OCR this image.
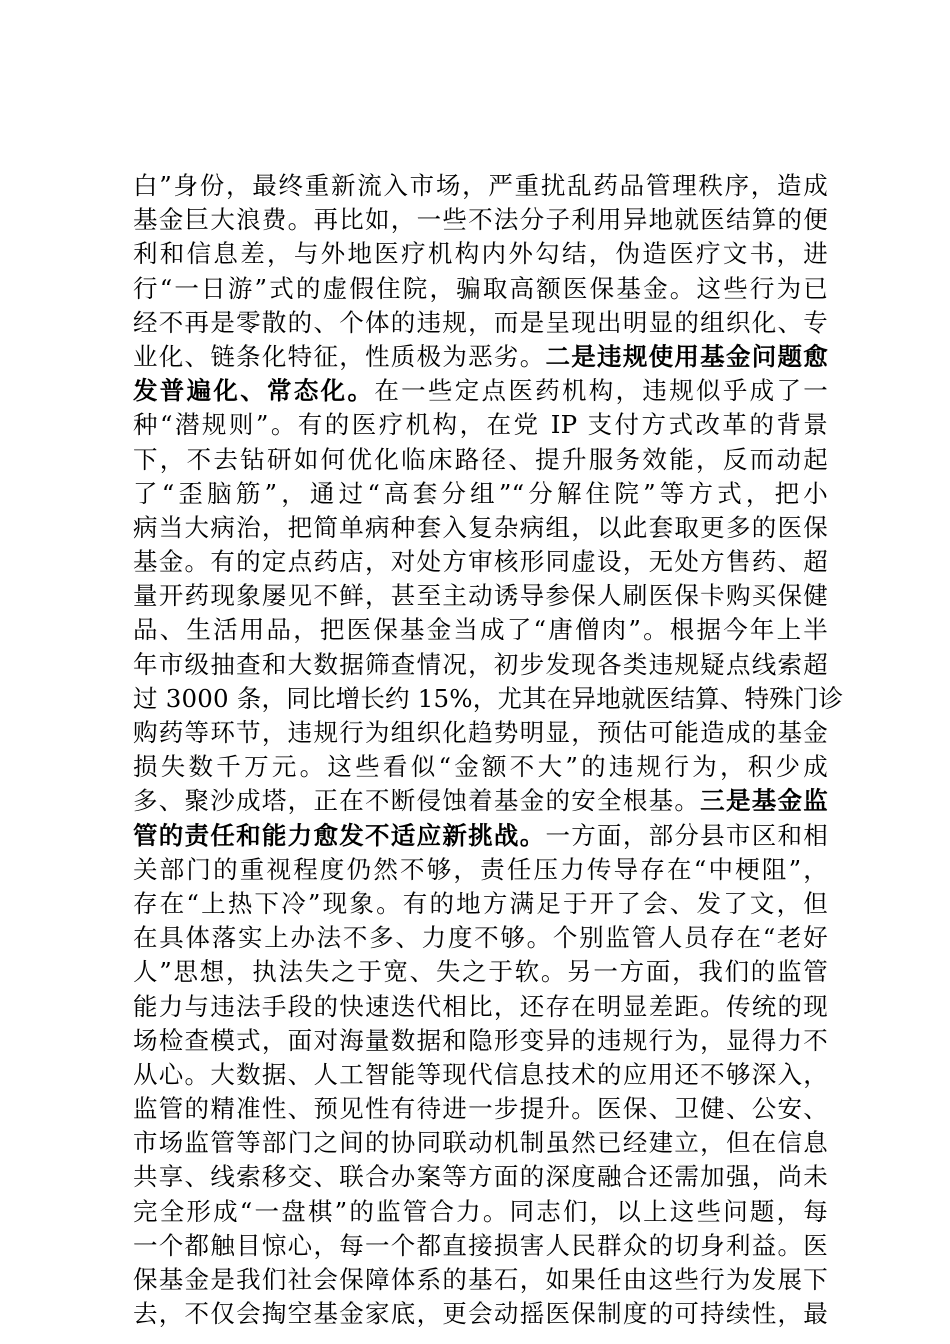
白”身份，最终重新流入市场，严重扰乱药品管理秩序，造成
基金巨大浪费。再比如，一些不法分子利用异地就医结算的便
利和信息差，与外地医疗机构内外勾结，伪造医疗文书，进
行“一日游”式的虚假住院，骗取高额医保基金。这些行为已
经不再是零散的、个体的违规，而是呈现出明显的组织化、专
业化、链条化特征，性质极为恶劣。二是违规使用基金问题愈
发普遍化、常态化。在一些定点医药机构，违规似乎成了一
种“潜规则”。有的医疗机构，在党 IP 支付方式改革的背景
下，不去钻研如何优化临床路径、提升服务效能，反而动起
了“歪脑筋”，通过“高套分组”“分解住院”等方式，把小
病当大病治，把简单病种套入复杂病组，以此套取更多的医保
基金。有的定点药店，对处方审核形同虚设，无处方售药、超
量开药现象屡见不鲜，甚至主动诱导参保人刷医保卡购买保健
品、生活用品，把医保基金当成了“唐僧肉”。根据今年上半
年市级抽查和大数据筛查情况，初步发现各类违规疑点线索超
过 3000 条，同比增长约 15%，尤其在异地就医结算、特殊门诊
购药等环节，违规行为组织化趋势明显，预估可能造成的基金
损失数千万元。这些看似“金额不大”的违规行为，积少成
多、聚沙成塔，正在不断侵蚀着基金的安全根基。三是基金监
管的责任和能力愈发不适应新挑战。一方面，部分县市区和相
关部门的重视程度仍然不够，责任压力传导存在“中梗阻”，
存在“上热下冷”现象。有的地方满足于开了会、发了文，但
在具体落实上办法不多、力度不够。个别监管人员存在“老好
人”思想，执法失之于宽、失之于软。另一方面，我们的监管
能力与违法手段的快速迭代相比，还存在明显差距。传统的现
场检查模式，面对海量数据和隐形变异的违规行为，显得力不
从心。大数据、人工智能等现代信息技术的应用还不够深入，
监管的精准性、预见性有待进一步提升。医保、卫健、公安、
市场监管等部门之间的协同联动机制虽然已经建立，但在信息
共享、线索移交、联合办案等方面的深度融合还需加强，尚未
完全形成“一盘棋”的监管合力。同志们，以上这些问题，每
一个都触目惊心，每一个都直接损害人民群众的切身利益。医
保基金是我们社会保障体系的基石，如果任由这些行为发展下
去，不仅会掏空基金家底，更会动摇医保制度的可持续性，最
